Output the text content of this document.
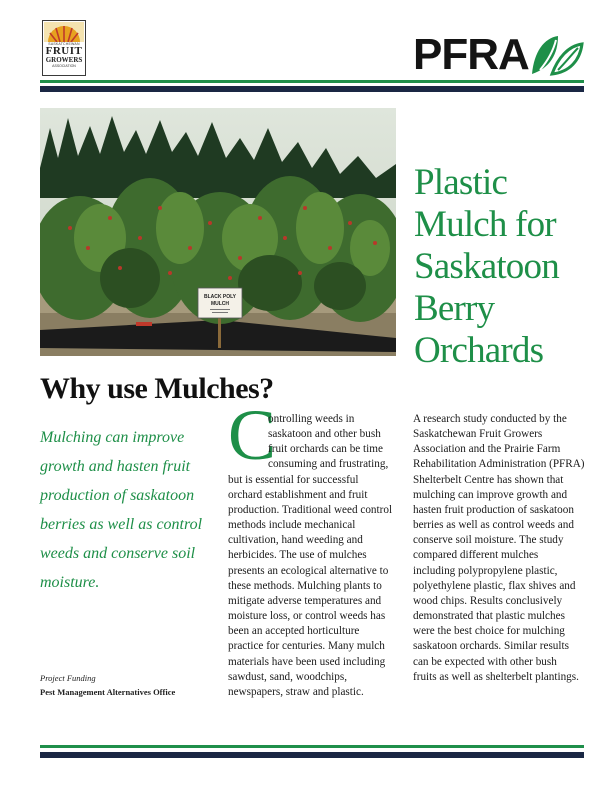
SASKATCHEWAN
FRUIT
GROWERS
ASSOCIATION	PFRA
BLACK POLY
MULCH
Plastic
Mulch for
Saskatoon
Berry
Orchards
Why use Mulches?
Mulching can improve
growth and hasten fruit
production of saskatoon
berries as well as control
weeds and conserve soil
moisture.
C
ontrolling weeds in
saskatoon and other bush
fruit orchards can be time
consuming and frustrating,
but is essential for successful
orchard establishment and fruit
production. Traditional weed control
methods include mechanical
cultivation, hand weeding and
herbicides. The use of mulches
presents an ecological alternative to
these methods. Mulching plants to
mitigate adverse temperatures and
moisture loss, or control weeds has
been an accepted horticulture
practice for centuries. Many mulch
materials have been used including
sawdust, sand, woodchips,
newspapers, straw and plastic.
A research study conducted by the
Saskatchewan Fruit Growers
Association and the Prairie Farm
Rehabilitation Administration (PFRA)
Shelterbelt Centre has shown that
mulching can improve growth and
hasten fruit production of saskatoon
berries as well as control weeds and
conserve soil moisture. The study
compared different mulches
including polypropylene plastic,
polyethylene plastic, flax shives and
wood chips. Results conclusively
demonstrated that plastic mulches
were the best choice for mulching
saskatoon orchards. Similar results
can be expected with other bush
fruits as well as shelterbelt plantings.
Project Funding
Pest Management Alternatives Office
